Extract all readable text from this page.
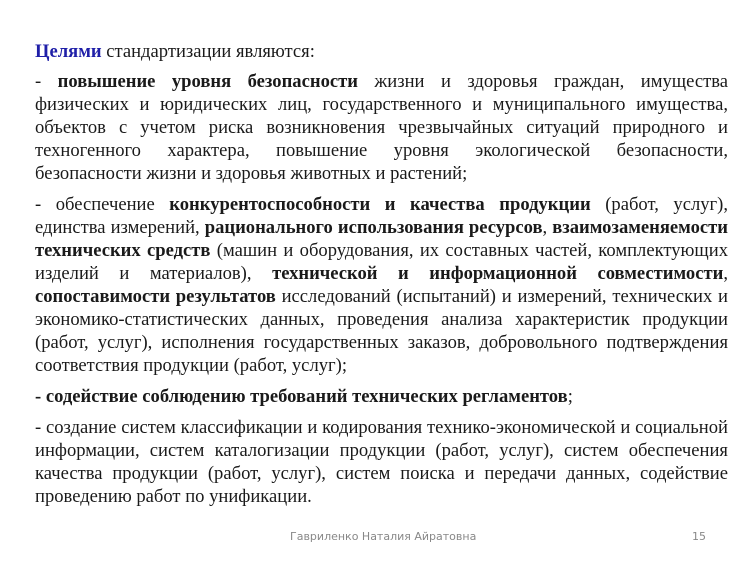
Целями стандартизации являются:

- повышение уровня безопасности жизни и здоровья граждан, имущества физических и юридических лиц, государственного и муниципального имущества, объектов с учетом риска возникновения чрезвычайных ситуаций природного и техногенного характера, повышение уровня экологической безопасности, безопасности жизни и здоровья животных и растений;

- обеспечение конкурентоспособности и качества продукции (работ, услуг), единства измерений, рационального использования ресурсов, взаимозаменяемости технических средств (машин и оборудования, их составных частей, комплектующих изделий и материалов), технической и информационной совместимости, сопоставимости результатов исследований (испытаний) и измерений, технических и экономико-статистических данных, проведения анализа характеристик продукции (работ, услуг), исполнения государственных заказов, добровольного подтверждения соответствия продукции (работ, услуг);

- содействие соблюдению требований технических регламентов;

- создание систем классификации и кодирования технико-экономической и социальной информации, систем каталогизации продукции (работ, услуг), систем обеспечения качества продукции (работ, услуг), систем поиска и передачи данных, содействие проведению работ по унификации.

Гавриленко Наталия Айратовна	15
